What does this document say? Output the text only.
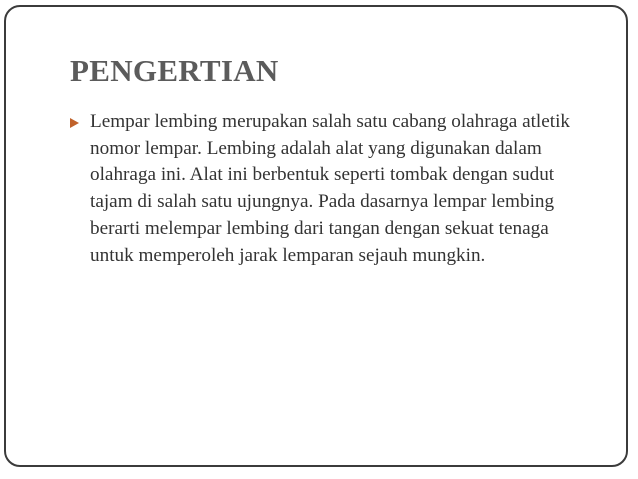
PENGERTIAN
Lempar lembing merupakan salah satu cabang olahraga atletik nomor lempar. Lembing adalah alat yang digunakan dalam olahraga ini. Alat ini berbentuk seperti tombak dengan sudut tajam di salah satu ujungnya. Pada dasarnya lempar lembing berarti melempar lembing dari tangan dengan sekuat tenaga untuk memperoleh jarak lemparan sejauh mungkin.
